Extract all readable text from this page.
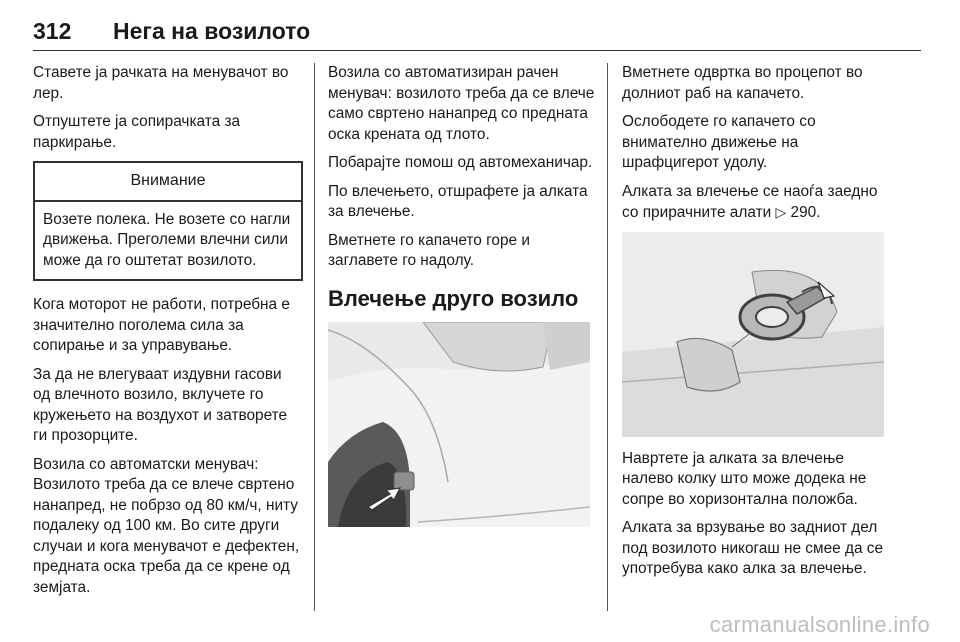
312 Нега на возилото

Ставете ја рачката на менувачот во лер.

Отпуштете ја сопирачката за паркирање.

Внимание
Возете полека. Не возете со нагли движења. Преголеми влечни сили може да го оштетат возилото.

Кога моторот не работи, потребна е значително поголема сила за сопирање и за управување.

За да не влегуваат издувни гасови од влечното возило, вклучете го кружењето на воздухот и затворете ги прозорците.

Возила со автоматски менувач: Возилото треба да се влече свртено нанапред, не побрзо од 80 км/ч, ниту подалеку од 100 км. Во сите други случаи и кога менувачот е дефектен, предната оска треба да се крене од земјата.

Возила со автоматизиран рачен менувач: возилото треба да се влече само свртено нанапред со предната оска крената од тлото.

Побарајте помош од автомеханичар.

По влечењето, отшрафете ја алката за влечење.

Вметнете го капачето горе и заглавете го надолу.

Влечење друго возило

Вметнете одвртка во процепот во долниот раб на капачето.

Ослободете го капачето со внимателно движење на шрафцигерот удолу.

Алката за влечење се наоѓа заедно со прирачните алати ▷ 290.

Навртете ја алката за влечење налево колку што може додека не сопре во хоризонтална положба.

Алката за врзување во задниот дел под возилото никогаш не смее да се употребува како алка за влечење.

carmanualsonline.info
